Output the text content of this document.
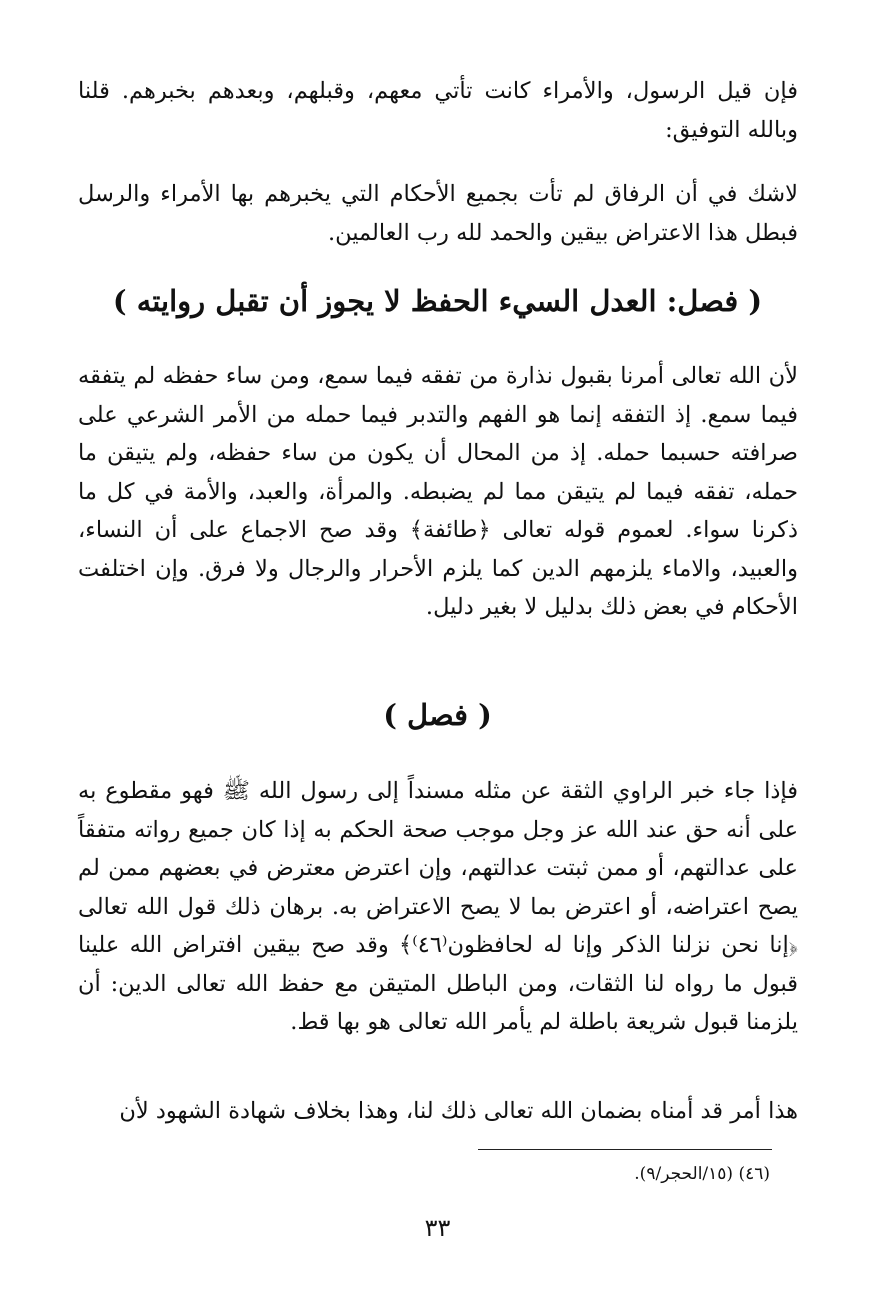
فإن قيل الرسول، والأمراء كانت تأتي معهم، وقبلهم، وبعدهم بخبرهم. قلنا وبالله التوفيق:

لاشك في أن الرفاق لم تأت بجميع الأحكام التي يخبرهم بها الأمراء والرسل فبطل هذا الاعتراض بيقين والحمد لله رب العالمين.

( فصل: العدل السيء الحفظ لا يجوز أن تقبل روايته )

لأن الله تعالى أمرنا بقبول نذارة من تفقه فيما سمع، ومن ساء حفظه لم يتفقه فيما سمع. إذ التفقه إنما هو الفهم والتدبر فيما حمله من الأمر الشرعي على صرافته حسبما حمله. إذ من المحال أن يكون من ساء حفظه، ولم يتيقن ما حمله، تفقه فيما لم يتيقن مما لم يضبطه. والمرأة، والعبد، والأمة في كل ما ذكرنا سواء. لعموم قوله تعالى ﴿طائفة﴾ وقد صح الاجماع على أن النساء، والعبيد، والاماء يلزمهم الدين كما يلزم الأحرار والرجال ولا فرق. وإن اختلفت الأحكام في بعض ذلك بدليل لا بغير دليل.

( فصل )

فإذا جاء خبر الراوي الثقة عن مثله مسنداً إلى رسول الله ﷺ فهو مقطوع به على أنه حق عند الله عز وجل موجب صحة الحكم به إذا كان جميع رواته متفقاً على عدالتهم، أو ممن ثبتت عدالتهم، وإن اعترض معترض في بعضهم ممن لم يصح اعتراضه، أو اعترض بما لا يصح الاعتراض به. برهان ذلك قول الله تعالى ﴿إنا نحن نزلنا الذكر وإنا له لحافظون⁽٤٦⁾﴾ وقد صح بيقين افتراض الله علينا قبول ما رواه لنا الثقات، ومن الباطل المتيقن مع حفظ الله تعالى الدين: أن يلزمنا قبول شريعة باطلة لم يأمر الله تعالى هو بها قط.

هذا أمر قد أمناه بضمان الله تعالى ذلك لنا، وهذا بخلاف شهادة الشهود لأن

(٤٦) (١٥/الحجر/٩).

٣٣
